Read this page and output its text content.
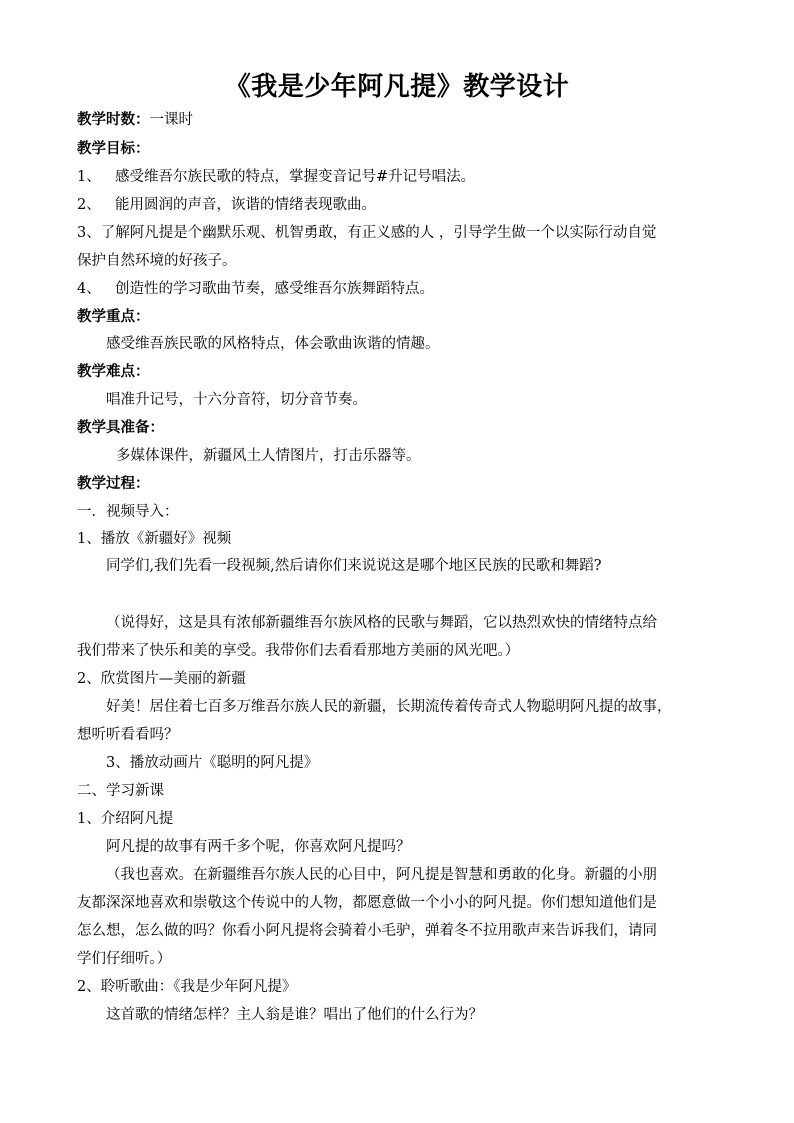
《我是少年阿凡提》教学设计
教学时数：一课时
教学目标：
1、 感受维吾尔族民歌的特点，掌握变音记号#升记号唱法。
2、 能用圆润的声音，诙谐的情绪表现歌曲。
3、了解阿凡提是个幽默乐观、机智勇敢，有正义感的人 ，引导学生做一个以实际行动自觉
保护自然环境的好孩子。
4、 创造性的学习歌曲节奏，感受维吾尔族舞蹈特点。
教学重点：
感受维吾族民歌的风格特点，体会歌曲诙谐的情趣。
教学难点：
唱准升记号，十六分音符，切分音节奏。
教学具准备：
多媒体课件，新疆风土人情图片，打击乐器等。
教学过程：
一．视频导入：
1、播放《新疆好》视频
同学们,我们先看一段视频,然后请你们来说说这是哪个地区民族的民歌和舞蹈?
（说得好，这是具有浓郁新疆维吾尔族风格的民歌与舞蹈，它以热烈欢快的情绪特点给
我们带来了快乐和美的享受。我带你们去看看那地方美丽的风光吧。）
2、欣赏图片—美丽的新疆
好美！居住着七百多万维吾尔族人民的新疆，长期流传着传奇式人物聪明阿凡提的故事，
想听听看看吗？
3、播放动画片《聪明的阿凡提》
二、学习新课
1、介绍阿凡提
阿凡提的故事有两千多个呢，你喜欢阿凡提吗？
（我也喜欢。在新疆维吾尔族人民的心目中，阿凡提是智慧和勇敢的化身。新疆的小朋
友都深深地喜欢和崇敬这个传说中的人物，都愿意做一个小小的阿凡提。你们想知道他们是
怎么想，怎么做的吗？你看小阿凡提将会骑着小毛驴，弹着冬不拉用歌声来告诉我们，请同
学们仔细听。）
2、聆听歌曲：《我是少年阿凡提》
这首歌的情绪怎样？主人翁是谁？唱出了他们的什么行为？
